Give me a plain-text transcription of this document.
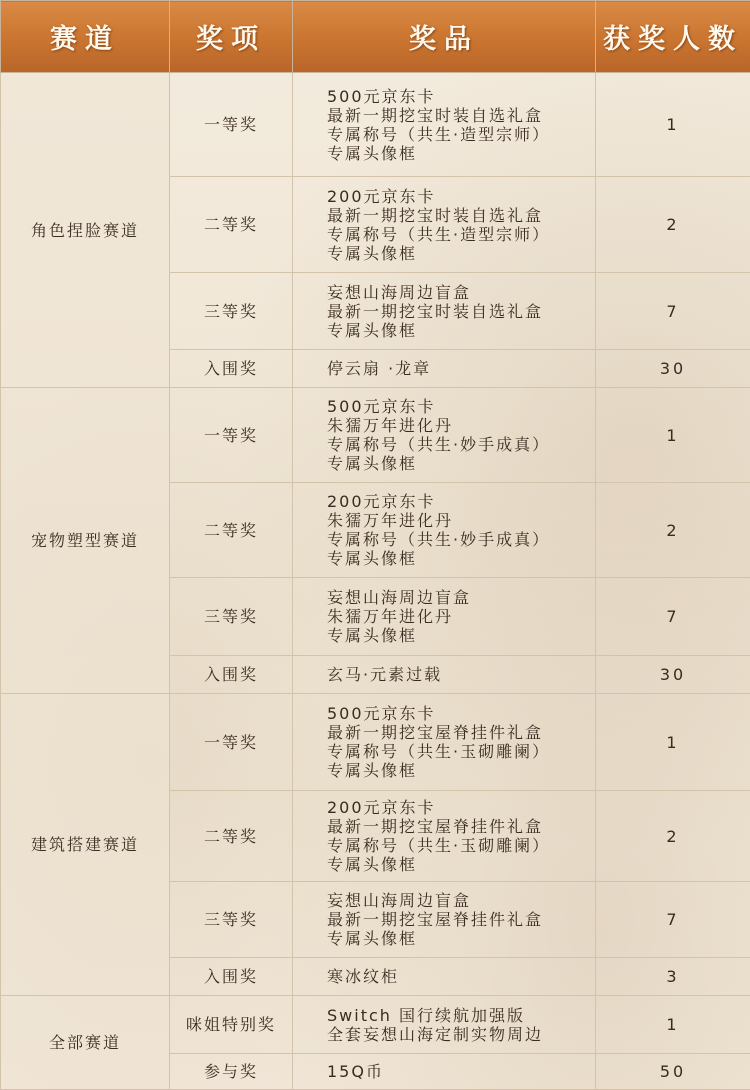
赛道	奖项	奖品	获奖人数
角色捏脸赛道	一等奖	500元京东卡
最新一期挖宝时装自选礼盒
专属称号（共生·造型宗师）
专属头像框	1
	二等奖	200元京东卡
最新一期挖宝时装自选礼盒
专属称号（共生·造型宗师）
专属头像框	2
	三等奖	妄想山海周边盲盒
最新一期挖宝时装自选礼盒
专属头像框	7
	入围奖	停云扇 ·龙章	30
宠物塑型赛道	一等奖	500元京东卡
朱獳万年进化丹
专属称号（共生·妙手成真）
专属头像框	1
	二等奖	200元京东卡
朱獳万年进化丹
专属称号（共生·妙手成真）
专属头像框	2
	三等奖	妄想山海周边盲盒
朱獳万年进化丹
专属头像框	7
	入围奖	玄马·元素过载	30
建筑搭建赛道	一等奖	500元京东卡
最新一期挖宝屋脊挂件礼盒
专属称号（共生·玉砌雕阑）
专属头像框	1
	二等奖	200元京东卡
最新一期挖宝屋脊挂件礼盒
专属称号（共生·玉砌雕阑）
专属头像框	2
	三等奖	妄想山海周边盲盒
最新一期挖宝屋脊挂件礼盒
专属头像框	7
	入围奖	寒冰纹柜	3
全部赛道	咪姐特别奖	Switch 国行续航加强版
全套妄想山海定制实物周边	1
	参与奖	15Q币	50
